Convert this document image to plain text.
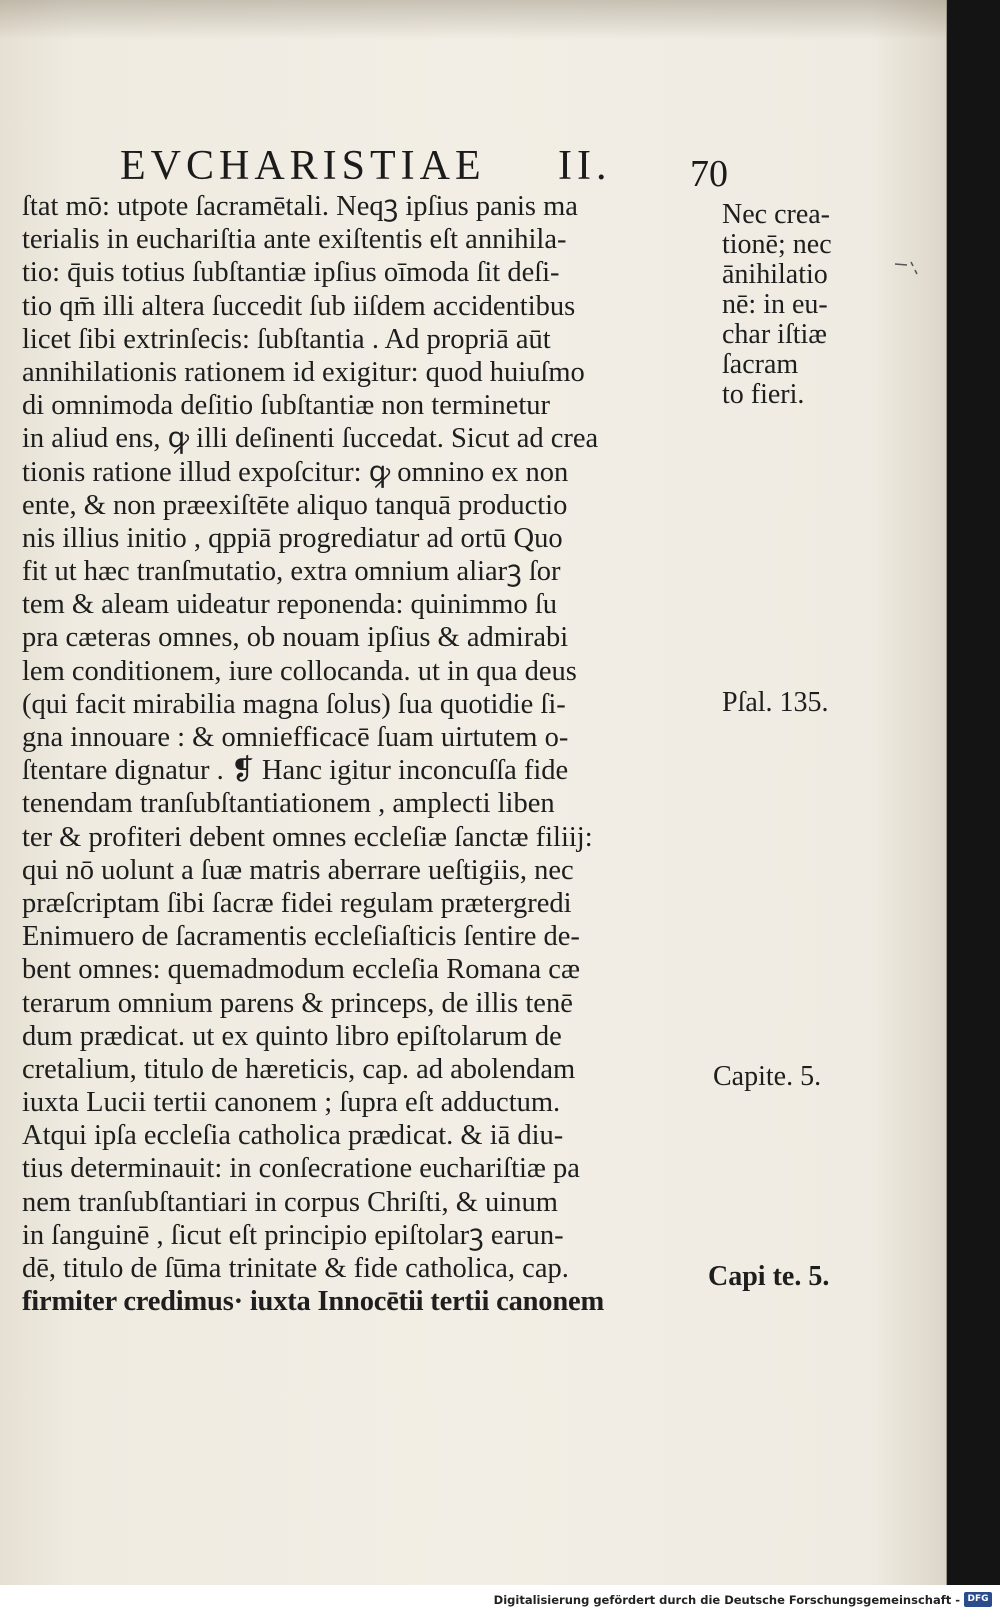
EVCHARISTIAE II. 70
ſtat mō: utpote ſacramētali. Neqꝫ ipſius panis ma
terialis in euchariſtia ante exiſtentis eſt annihila-
tio: q̄uis totius ſubſtantiæ ipſius oīmoda ſit deſi-
tio qm̄ illi altera ſuccedit ſub iiſdem accidentibus
licet ſibi extrinſecis: ſubſtantia . Ad propriā aūt
annihilationis rationem id exigitur: quod huiuſmo
di omnimoda deſitio ſubſtantiæ non terminetur
in aliud ens, ꝙ illi deſinenti ſuccedat. Sicut ad crea
tionis ratione illud expoſcitur: ꝙ omnino ex non
ente, & non præexiſtēte aliquo tanquā productio
nis illius initio , qppiā progrediatur ad ortū Quo
fit ut hæc tranſmutatio, extra omnium aliarꝫ ſor
tem & aleam uideatur reponenda: quinimmo ſu
pra cæteras omnes, ob nouam ipſius & admirabi
lem conditionem, iure collocanda. ut in qua deus
(qui facit mirabilia magna ſolus) ſua quotidie ſi-
gna innouare : & omniefficacē ſuam uirtutem o-
ſtentare dignatur . ❡ Hanc igitur inconcuſſa fide
tenendam tranſubſtantiationem , amplecti liben
ter & profiteri debent omnes eccleſiæ ſanctæ filiij:
qui nō uolunt a ſuæ matris aberrare ueſtigiis, nec
præſcriptam ſibi ſacræ fidei regulam prætergredi
Enimuero de ſacramentis eccleſiaſticis ſentire de-
bent omnes: quemadmodum eccleſia Romana cæ
terarum omnium parens & princeps, de illis tenē
dum prædicat. ut ex quinto libro epiſtolarum de
cretalium, titulo de hæreticis, cap. ad abolendam
iuxta Lucii tertii canonem ; ſupra eſt adductum.
Atqui ipſa eccleſia catholica prædicat. & iā diu-
tius determinauit: in conſecratione euchariſtiæ pa
nem tranſubſtantiari in corpus Chriſti, & uinum
in ſanguinē , ſicut eſt principio epiſtolarꝫ earun-
dē, titulo de ſūma trinitate & fide catholica, cap.
firmiter credimus· iuxta Innocētii tertii canonem
Nec crea-
tionē; nec
ānihilatio
nē: in eu-
char iſtiæ
ſacram
to fieri.
Pſal. 135.
Capite. 5.
Capi te. 5.
Digitalisierung gefördert durch die Deutsche Forschungsgemeinschaft - DFG
